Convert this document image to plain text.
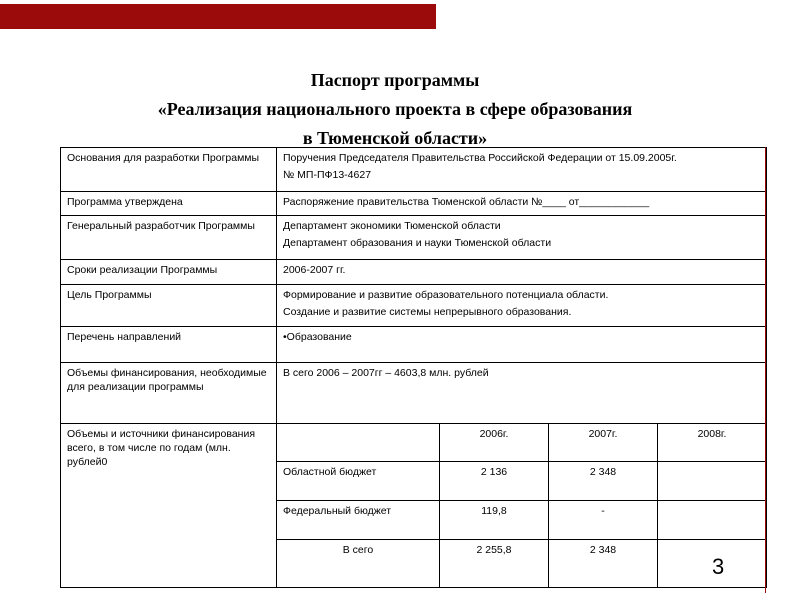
Паспорт программы
«Реализация национального проекта в сфере образования
в Тюменской области»
Основания для разработки Программы	Поручения Председателя Правительства Российской Федерации от 15.09.2005г.
№ МП-ПФ13-4627			

Программа утверждена	Распоряжение правительства Тюменской области №____ от____________			

Генеральный разработчик Программы	Департамент экономики Тюменской области
Департамент образования и науки Тюменской области			

Сроки реализации Программы	2006-2007 гг.			

Цель Программы	Формирование и развитие образовательного потенциала области.
Создание и развитие системы непрерывного образования.			

Перечень направлений	•Образование			

Объемы финансирования, необходимые для реализации программы	В сего 2006 – 2007гг – 4603,8 млн. рублей			

Объемы и источники финансирования всего, в том числе по годам (млн. рублей0		2006г.	2007г.	2008г.
	Областной бюджет	2 136	2 348	
	Федеральный бюджет	119,8	-	
	В сего	2 255,8	2 348	
3
